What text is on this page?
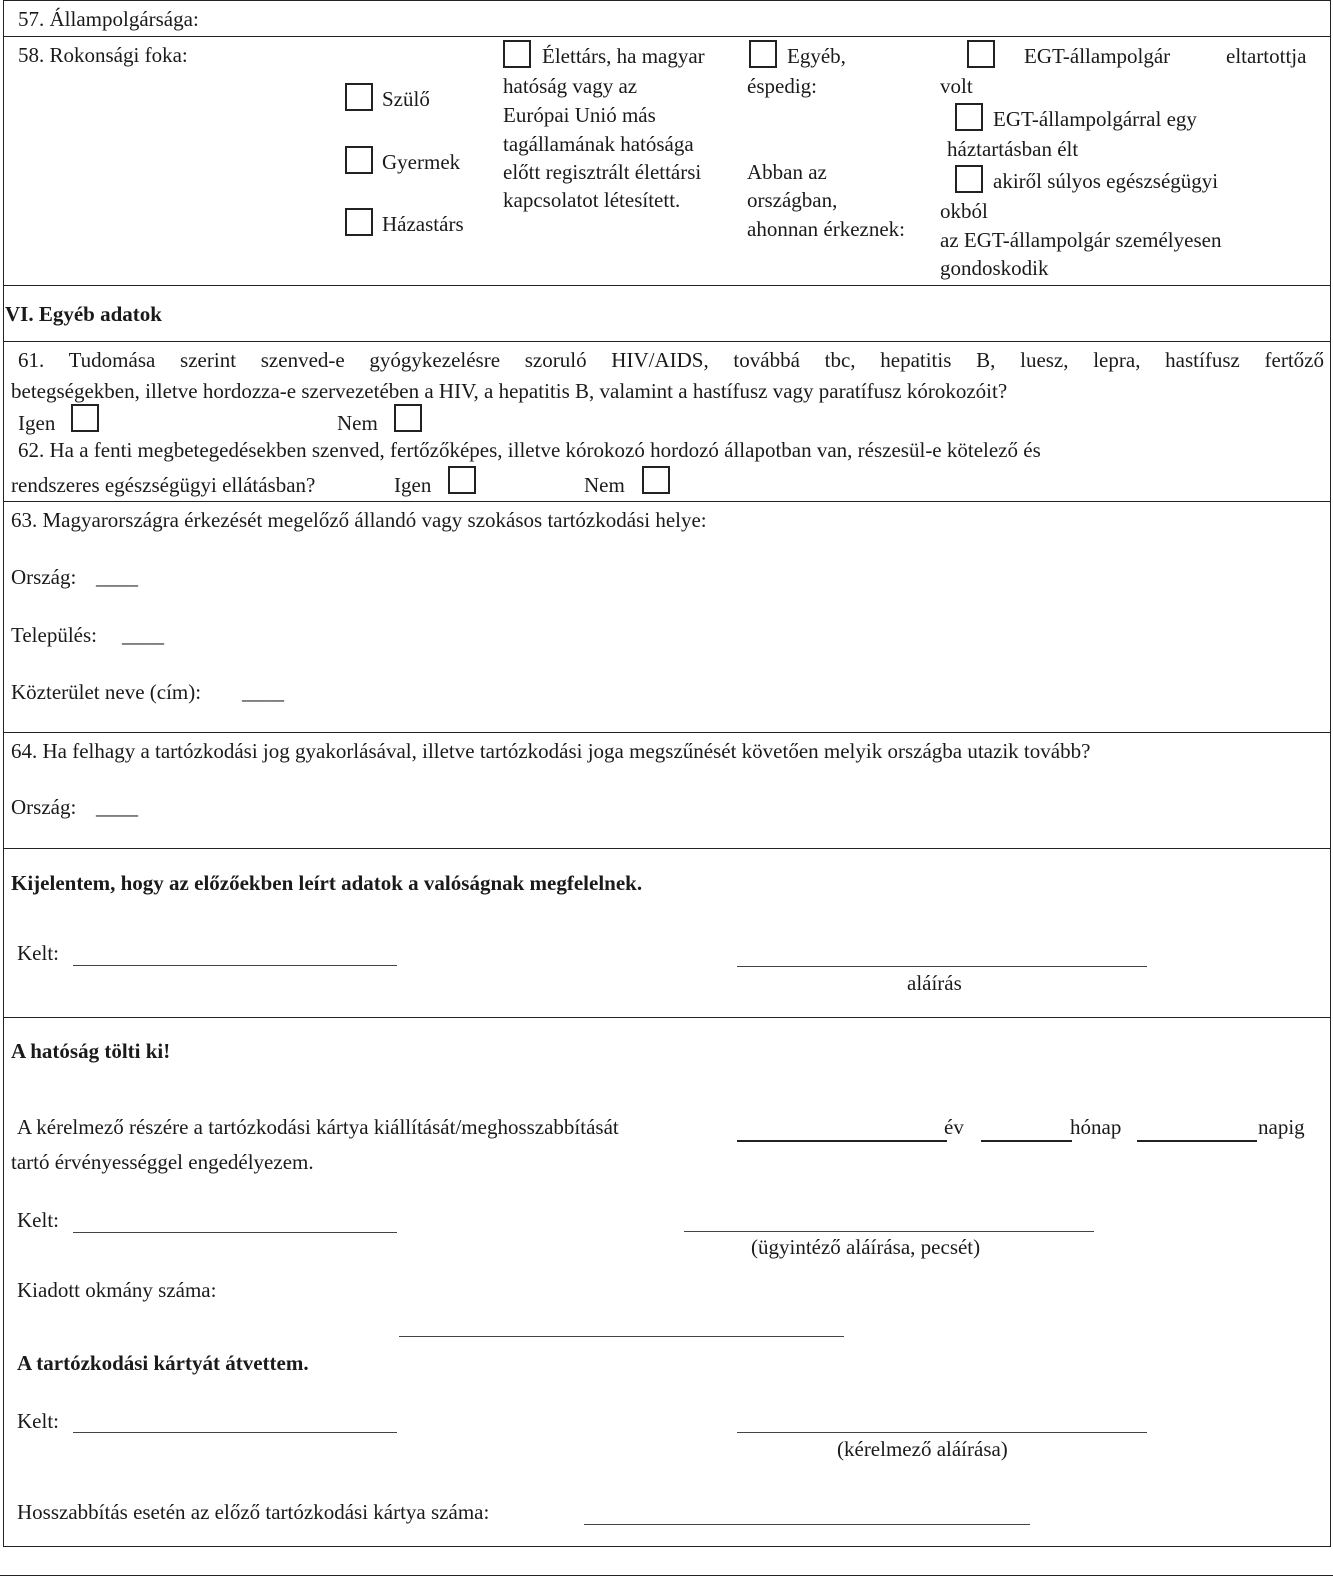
57. Állampolgársága:
58. Rokonsági foka:
Szülő
Gyermek
Házastárs
Élettárs, ha magyar
hatóság vagy az
Európai Unió más
tagállamának hatósága
előtt regisztrált élettársi
kapcsolatot létesített.
Egyéb,
éspedig:
Abban az
országban,
ahonnan érkeznek:
EGT-állampolgár	eltartottja
volt
EGT-állampolgárral egy
háztartásban élt
akiről súlyos egészségügyi
okból
az EGT-állampolgár személyesen
gondoskodik
VI. Egyéb adatok
61. Tudomása szerint szenved-e gyógykezelésre szoruló HIV/AIDS, továbbá tbc, hepatitis B, luesz, lepra, hastífusz fertőző
betegségekben, illetve hordozza-e szervezetében a HIV, a hepatitis B, valamint a hastífusz vagy paratífusz kórokozóit?
Igen	Nem
62. Ha a fenti megbetegedésekben szenved, fertőzőképes, illetve kórokozó hordozó állapotban van, részesül-e kötelező és
rendszeres egészségügyi ellátásban?	Igen	Nem
63. Magyarországra érkezését megelőző állandó vagy szokásos tartózkodási helye:
Ország: ____
Település: ____
Közterület neve (cím): ____
64. Ha felhagy a tartózkodási jog gyakorlásával, illetve tartózkodási joga megszűnését követően melyik országba utazik tovább?
Ország: ____
Kijelentem, hogy az előzőekben leírt adatok a valóságnak megfelelnek.
Kelt:
aláírás
A hatóság tölti ki!
A kérelmező részére a tartózkodási kártya kiállítását/meghosszabbítását	év	hónap	napig
tartó érvényességgel engedélyezem.
Kelt:
(ügyintéző aláírása, pecsét)
Kiadott okmány száma:
A tartózkodási kártyát átvettem.
Kelt:
(kérelmező aláírása)
Hosszabbítás esetén az előző tartózkodási kártya száma:
